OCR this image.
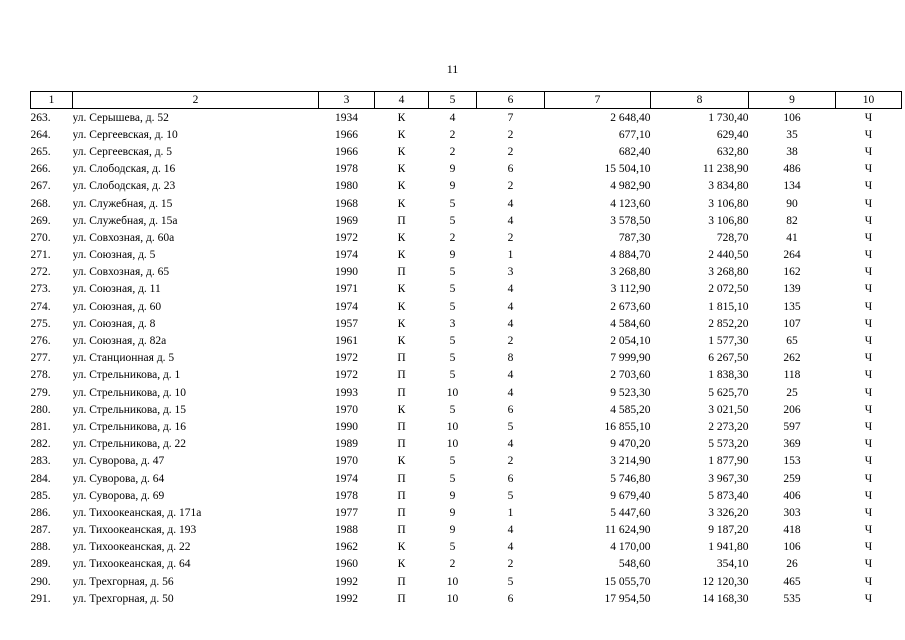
11
1	2	3	4	5	6	7	8	9	10
263.	ул. Серышева, д. 52	1934	К	4	7	2 648,40	1 730,40	106	Ч
264.	ул. Сергеевская, д. 10	1966	К	2	2	677,10	629,40	35	Ч
265.	ул. Сергеевская, д. 5	1966	К	2	2	682,40	632,80	38	Ч
266.	ул. Слободская, д. 16	1978	К	9	6	15 504,10	11 238,90	486	Ч
267.	ул. Слободская, д. 23	1980	К	9	2	4 982,90	3 834,80	134	Ч
268.	ул. Служебная, д. 15	1968	К	5	4	4 123,60	3 106,80	90	Ч
269.	ул. Служебная, д. 15а	1969	П	5	4	3 578,50	3 106,80	82	Ч
270.	ул. Совхозная, д. 60а	1972	К	2	2	787,30	728,70	41	Ч
271.	ул. Союзная, д. 5	1974	К	9	1	4 884,70	2 440,50	264	Ч
272.	ул. Совхозная, д. 65	1990	П	5	3	3 268,80	3 268,80	162	Ч
273.	ул. Союзная, д. 11	1971	К	5	4	3 112,90	2 072,50	139	Ч
274.	ул. Союзная, д. 60	1974	К	5	4	2 673,60	1 815,10	135	Ч
275.	ул. Союзная, д. 8	1957	К	3	4	4 584,60	2 852,20	107	Ч
276.	ул. Союзная, д. 82а	1961	К	5	2	2 054,10	1 577,30	65	Ч
277.	ул. Станционная д. 5	1972	П	5	8	7 999,90	6 267,50	262	Ч
278.	ул. Стрельникова, д. 1	1972	П	5	4	2 703,60	1 838,30	118	Ч
279.	ул. Стрельникова, д. 10	1993	П	10	4	9 523,30	5 625,70	25	Ч
280.	ул. Стрельникова, д. 15	1970	К	5	6	4 585,20	3 021,50	206	Ч
281.	ул. Стрельникова, д. 16	1990	П	10	5	16 855,10	2 273,20	597	Ч
282.	ул. Стрельникова, д. 22	1989	П	10	4	9 470,20	5 573,20	369	Ч
283.	ул. Суворова, д. 47	1970	К	5	2	3 214,90	1 877,90	153	Ч
284.	ул. Суворова, д. 64	1974	П	5	6	5 746,80	3 967,30	259	Ч
285.	ул. Суворова, д. 69	1978	П	9	5	9 679,40	5 873,40	406	Ч
286.	ул. Тихоокеанская, д. 171а	1977	П	9	1	5 447,60	3 326,20	303	Ч
287.	ул. Тихоокеанская, д. 193	1988	П	9	4	11 624,90	9 187,20	418	Ч
288.	ул. Тихоокеанская, д. 22	1962	К	5	4	4 170,00	1 941,80	106	Ч
289.	ул. Тихоокеанская, д. 64	1960	К	2	2	548,60	354,10	26	Ч
290.	ул. Трехгорная, д. 56	1992	П	10	5	15 055,70	12 120,30	465	Ч
291.	ул. Трехгорная, д. 50	1992	П	10	6	17 954,50	14 168,30	535	Ч
